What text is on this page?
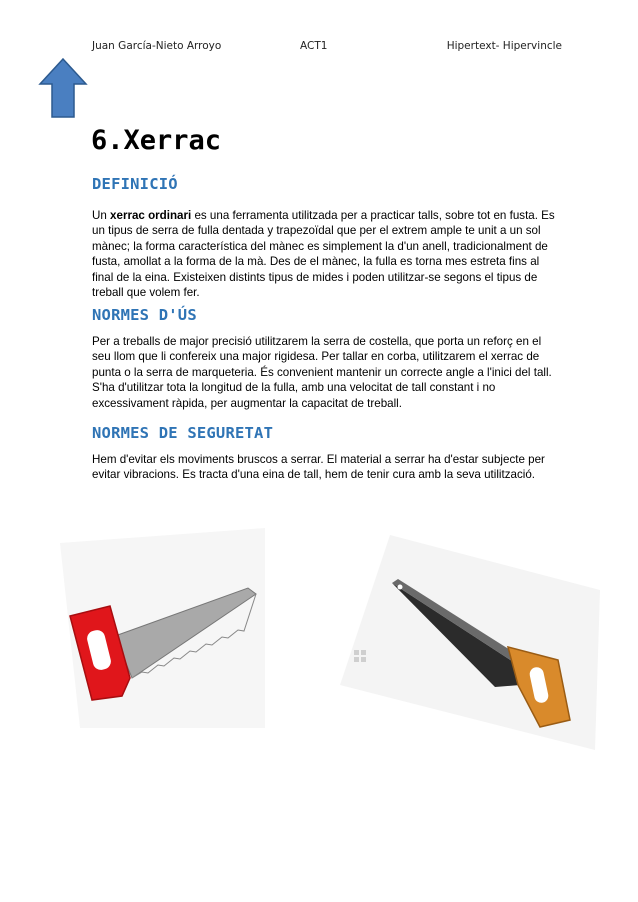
Juan García-Nieto Arroyo	ACT1	Hipertext- Hipervincle
6.Xerrac
DEFINICIÓ

Un xerrac ordinari es una ferramenta utilitzada per a practicar talls, sobre tot en fusta. Es un tipus de serra de fulla dentada y trapezoïdal que per el extrem ample te unit a un sol mànec; la forma característica del mànec es simplement la d'un anell, tradicionalment de fusta, amollat a la forma de la mà. Des de el mànec, la fulla es torna mes estreta fins al final de la eina. Existeixen distints tipus de mides i poden utilitzar-se segons el tipus de treball que volem fer.

NORMES D'ÚS

Per a treballs de major precisió utilitzarem la serra de costella, que porta un reforç en el seu llom que li confereix una major rigidesa. Per tallar en corba, utilitzarem el xerrac de punta o la serra de marqueteria. És convenient mantenir un correcte angle a l'inici del tall. S'ha d'utilitzar tota la longitud de la fulla, amb una velocitat de tall constant i no excessivament ràpida, per augmentar la capacitat de treball.

NORMES DE SEGURETAT

Hem d'evitar els moviments bruscos a serrar. El material a serrar ha d'estar subjecte per evitar vibracions. Es tracta d'una eina de tall, hem de tenir cura amb la seva utilització.
